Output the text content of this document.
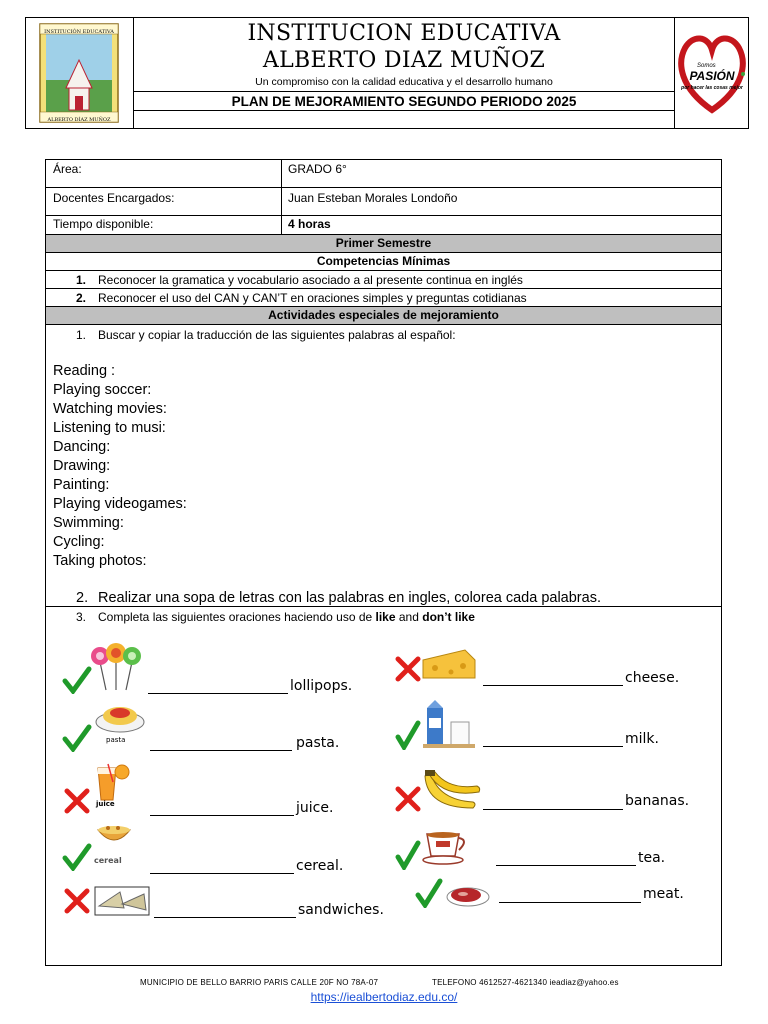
INSTITUCIÓN EDUCATIVA
ALBERTO DÍAZ MUÑOZ
INSTITUCION EDUCATIVA
ALBERTO DIAZ MUÑOZ
Un compromiso con la calidad educativa y el desarrollo humano
PLAN DE MEJORAMIENTO SEGUNDO PERIODO 2025
Somos
PASIÓN
por hacer las cosas mejor
Área:	GRADO 6°
Docentes Encargados:	Juan Esteban Morales Londoño
Tiempo disponible:	4 horas
Primer Semestre
Competencias Mínimas
1. Reconocer la gramatica y vocabulario asociado a al presente continua en inglés
2. Reconocer el uso del CAN y CAN’T en oraciones simples y preguntas cotidianas
Actividades especiales de mejoramiento
1. Buscar y copiar la traducción de las siguientes palabras al español:
Reading :
Playing soccer:
Watching movies:
Listening to musi:
Dancing:
Drawing:
Painting:
Playing videogames:
Swimming:
Cycling:
Taking photos:
2. Realizar una sopa de letras con las palabras en ingles, colorea cada palabras.
3. Completa las siguientes oraciones haciendo uso de like and don’t like
lollipops.
pasta	pasta.
juice	juice.
cereal	cereal.
sandwiches.
cheese.
milk.
bananas.
tea.
meat.
MUNICIPIO DE BELLO BARRIO PARIS CALLE 20F NO 78A-07	TELEFONO 4612527-4621340 ieadiaz@yahoo.es
https://iealbertodiaz.edu.co/
